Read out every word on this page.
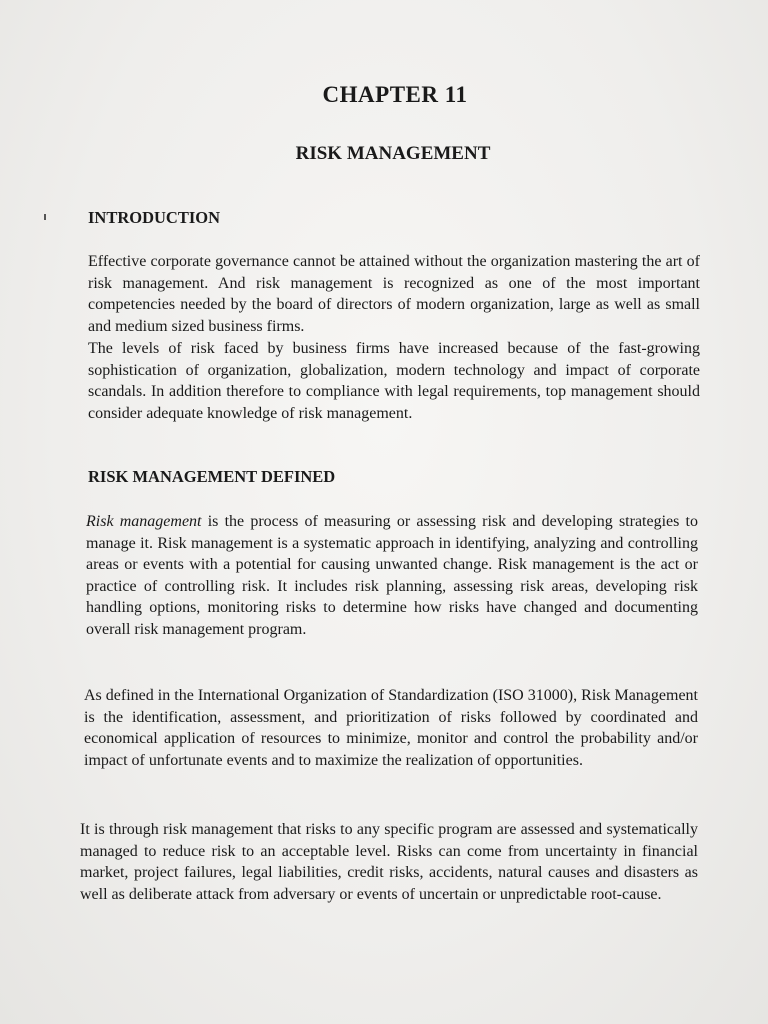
CHAPTER 11
RISK MANAGEMENT
INTRODUCTION
Effective corporate governance cannot be attained without the organization mastering the art of risk management. And risk management is recognized as one of the most important competencies needed by the board of directors of modern organization, large as well as small and medium sized business firms.
The levels of risk faced by business firms have increased because of the fast-growing sophistication of organization, globalization, modern technology and impact of corporate scandals. In addition therefore to compliance with legal requirements, top management should consider adequate knowledge of risk management.
RISK MANAGEMENT DEFINED
Risk management is the process of measuring or assessing risk and developing strategies to manage it. Risk management is a systematic approach in identifying, analyzing and controlling areas or events with a potential for causing unwanted change. Risk management is the act or practice of controlling risk. It includes risk planning, assessing risk areas, developing risk handling options, monitoring risks to determine how risks have changed and documenting overall risk management program.
As defined in the International Organization of Standardization (ISO 31000), Risk Management is the identification, assessment, and prioritization of risks followed by coordinated and economical application of resources to minimize, monitor and control the probability and/or impact of unfortunate events and to maximize the realization of opportunities.
It is through risk management that risks to any specific program are assessed and systematically managed to reduce risk to an acceptable level. Risks can come from uncertainty in financial market, project failures, legal liabilities, credit risks, accidents, natural causes and disasters as well as deliberate attack from adversary or events of uncertain or unpredictable root-cause.
